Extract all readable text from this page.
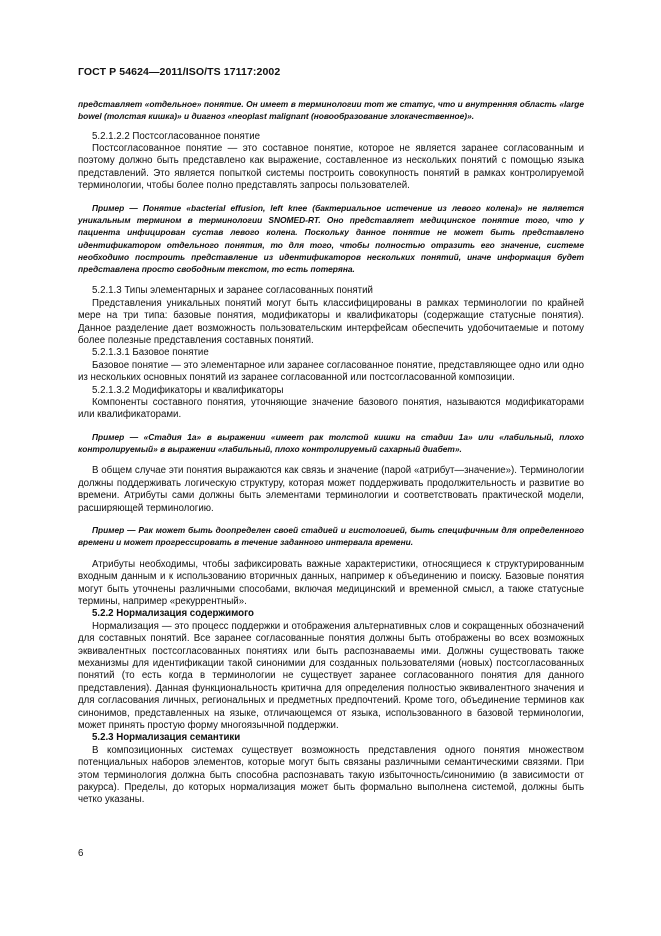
ГОСТ Р 54624—2011/ISO/TS 17117:2002

представляет «отдельное» понятие. Он имеет в терминологии тот же статус, что и внутренняя область «large bowel (толстая кишка)» и диагноз «neoplast malignant (новообразование злокачественное)».

5.2.1.2.2 Постсогласованное понятие

Постсогласованное понятие — это составное понятие, которое не является заранее согласованным и поэтому должно быть представлено как выражение, составленное из нескольких понятий с помощью языка представлений. Это является попыткой системы построить совокупность понятий в рамках контролируемой терминологии, чтобы более полно представлять запросы пользователей.

Пример — Понятие «bacterial effusion, left knee (бактериальное истечение из левого колена)» не является уникальным термином в терминологии SNOMED-RT. Оно представляет медицинское понятие того, что у пациента инфицирован сустав левого колена. Поскольку данное понятие не может быть представлено идентификатором отдельного понятия, то для того, чтобы полностью отразить его значение, системе необходимо построить представление из идентификаторов нескольких понятий, иначе информация будет представлена просто свободным текстом, то есть потеряна.

5.2.1.3 Типы элементарных и заранее согласованных понятий

Представления уникальных понятий могут быть классифицированы в рамках терминологии по крайней мере на три типа: базовые понятия, модификаторы и квалификаторы (содержащие статусные понятия). Данное разделение дает возможность пользовательским интерфейсам обеспечить удобочитаемые и потому более полезные представления составных понятий.

5.2.1.3.1 Базовое понятие

Базовое понятие — это элементарное или заранее согласованное понятие, представляющее одно или одно из нескольких основных понятий из заранее согласованной или постсогласованной композиции.

5.2.1.3.2 Модификаторы и квалификаторы

Компоненты составного понятия, уточняющие значение базового понятия, называются модификаторами или квалификаторами.

Пример — «Стадия 1а» в выражении «имеет рак толстой кишки на стадии 1а» или «лабильный, плохо контролируемый» в выражении «лабильный, плохо контролируемый сахарный диабет».

В общем случае эти понятия выражаются как связь и значение (парой «атрибут—значение»). Терминологии должны поддерживать логическую структуру, которая может поддерживать продолжительность и развитие во времени. Атрибуты сами должны быть элементами терминологии и соответствовать практической модели, расширяющей терминологию.

Пример — Рак может быть доопределен своей стадией и гистологией, быть специфичным для определенного времени и может прогрессировать в течение заданного интервала времени.

Атрибуты необходимы, чтобы зафиксировать важные характеристики, относящиеся к структурированным входным данным и к использованию вторичных данных, например к объединению и поиску. Базовые понятия могут быть уточнены различными способами, включая медицинский и временной смысл, а также статусные термины, например «рекуррентный».

5.2.2 Нормализация содержимого

Нормализация — это процесс поддержки и отображения альтернативных слов и сокращенных обозначений для составных понятий. Все заранее согласованные понятия должны быть отображены во всех возможных эквивалентных постсогласованных понятиях или быть распознаваемы ими. Должны существовать также механизмы для идентификации такой синонимии для созданных пользователями (новых) постсогласованных понятий (то есть когда в терминологии не существует заранее согласованного понятия для данного представления). Данная функциональность критична для определения полностью эквивалентного значения и для согласования личных, региональных и предметных предпочтений. Кроме того, объединение терминов как синонимов, представленных на языке, отличающемся от языка, использованного в базовой терминологии, может принять простую форму многоязычной поддержки.

5.2.3 Нормализация семантики

В композиционных системах существует возможность представления одного понятия множеством потенциальных наборов элементов, которые могут быть связаны различными семантическими связями. При этом терминология должна быть способна распознавать такую избыточность/синонимию (в зависимости от ракурса). Пределы, до которых нормализация может быть формально выполнена системой, должны быть четко указаны.

6
